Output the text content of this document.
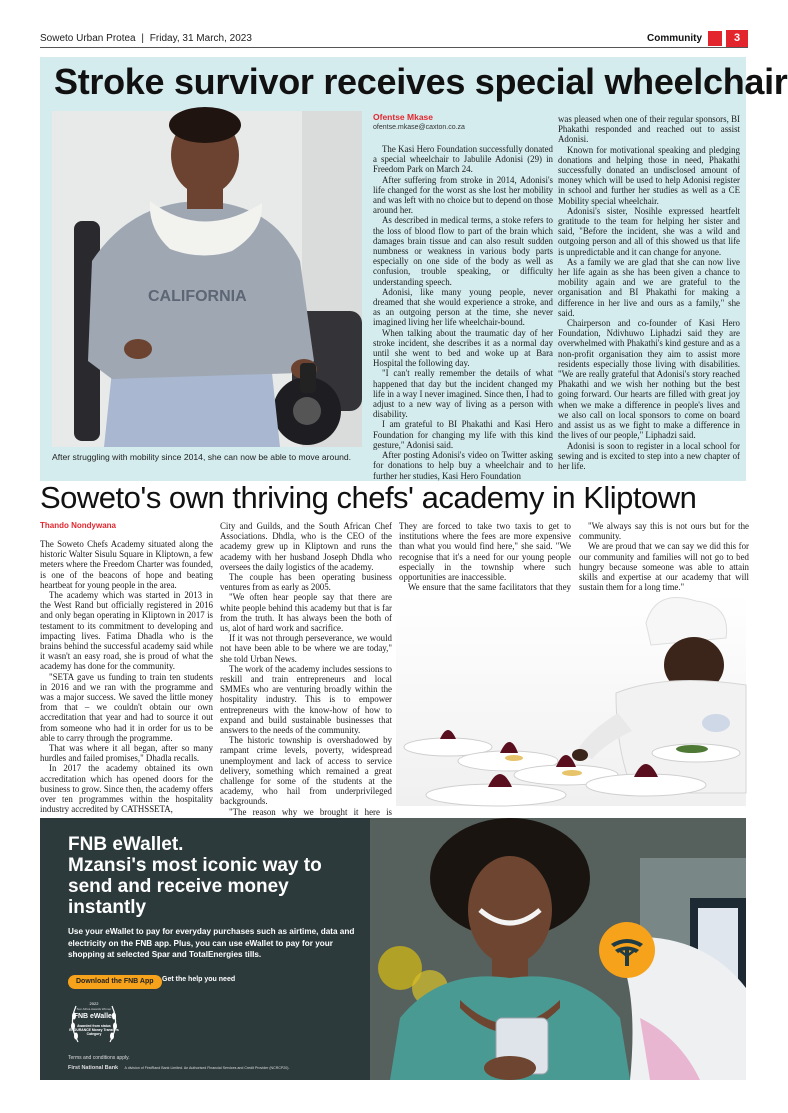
Soweto Urban Protea | Friday, 31 March, 2023	Community	3
Stroke survivor receives special wheelchair
CALIFORNIA
After struggling with mobility since 2014, she can now be able to move around.
Ofentse Mkase
ofentse.mkase@caxton.co.za

The Kasi Hero Foundation successfully donated a special wheelchair to Jabulile Adonisi (29) in Freedom Park on March 24.

After suffering from stroke in 2014, Adonisi's life changed for the worst as she lost her mobility and was left with no choice but to depend on those around her.

As described in medical terms, a stoke refers to the loss of blood flow to part of the brain which damages brain tissue and can also result sudden numbness or weakness in various body parts especially on one side of the body as well as confusion, trouble speaking, or difficulty understanding speech.

Adonisi, like many young people, never dreamed that she would experience a stroke, and as an outgoing person at the time, she never imagined living her life wheelchair-bound.

When talking about the traumatic day of her stroke incident, she describes it as a normal day until she went to bed and woke up at Bara Hospital the following day.

"I can't really remember the details of what happened that day but the incident changed my life in a way I never imagined. Since then, I had to adjust to a new way of living as a person with disability.

I am grateful to BI Phakathi and Kasi Hero Foundation for changing my life with this kind gesture," Adonisi said.

After posting Adonisi's video on Twitter asking for donations to help buy a wheelchair and to further her studies, Kasi Hero Foundation

was pleased when one of their regular sponsors, BI Phakathi responded and reached out to assist Adonisi.

Known for motivational speaking and pledging donations and helping those in need, Phakathi successfully donated an undisclosed amount of money which will be used to help Adonisi register in school and further her studies as well as a CE Mobility special wheelchair.

Adonisi's sister, Nosihle expressed heartfelt gratitude to the team for helping her sister and said, "Before the incident, she was a wild and outgoing person and all of this showed us that life is unpredictable and it can change for anyone.

As a family we are glad that she can now live her life again as she has been given a chance to mobility again and we are grateful to the organisation and BI Phakathi for making a difference in her live and ours as a family," she said.

Chairperson and co-founder of Kasi Hero Foundation, Ndivhuwo Liphadzi said they are overwhelmed with Phakathi's kind gesture and as a non-profit organisation they aim to assist more residents especially those living with disabilities. "We are really grateful that Adonisi's story reached Phakathi and we wish her nothing but the best going forward. Our hearts are filled with great joy when we make a difference in people's lives and we also call on local sponsors to come on board and assist us as we fight to make a difference in the lives of our people," Liphadzi said.

Adonisi is soon to register in a local school for sewing and is excited to step into a new chapter of her life.

Soweto's own thriving chefs' academy in Kliptown
Thando Nondywana

The Soweto Chefs Academy situated along the historic Walter Sisulu Square in Kliptown, a few meters where the Freedom Charter was founded, is one of the beacons of hope and beating heartbeat for young people in the area.

The academy which was started in 2013 in the West Rand but officially registered in 2016 and only began operating in Kliptown in 2017 is testament to its commitment to developing and impacting lives. Fatima Dhadla who is the brains behind the successful academy said while it wasn't an easy road, she is proud of what the academy has done for the community.

"SETA gave us funding to train ten students in 2016 and we ran with the programme and was a major success. We saved the little money from that – we couldn't obtain our own accreditation that year and had to source it out from someone who had it in order for us to be able to carry through the programme.

That was where it all began, after so many hurdles and failed promises," Dhadla recalls.

In 2017 the academy obtained its own accreditation which has opened doors for the business to grow. Since then, the academy offers over ten programmes within the hospitality industry accredited by CATHSSETA,

City and Guilds, and the South African Chef Associations. Dhdla, who is the CEO of the academy grew up in Kliptown and runs the academy with her husband Joseph Dhdla who oversees the daily logistics of the academy.

The couple has been operating business ventures from as early as 2005.

"We often hear people say that there are white people behind this academy but that is far from the truth. It has always been the both of us, alot of hard work and sacrifice.

If it was not through perseverance, we would not have been able to be where we are today," she told Urban News.

The work of the academy includes sessions to reskill and train entrepreneurs and local SMMEs who are venturing broadly within the hospitality industry. This is to empower entrepreneurs with the know-how of how to expand and build sustainable businesses that answers to the needs of the community.

The historic township is overshadowed by rampant crime levels, poverty, widespread unemployment and lack of access to service delivery, something which remained a great challenge for some of the students at the academy, who hail from underprivileged backgrounds.

"The reason why we brought it here is

They are forced to take two taxis to get to institutions where the fees are more expensive than what you would find here," she said. "We recognise that it's a need for our young people especially in the township where such opportunities are inaccessible.

We ensure that the same facilitators that they

"We always say this is not ours but for the community.

We are proud that we can say we did this for our community and families will not go to bed hungry because someone was able to attain skills and expertise at our academy that will sustain them for a long time."

FNB eWallet.
Mzansi's most iconic way to send and receive money instantly
Use your eWallet to pay for everyday purchases such as airtime, data and electricity on the FNB app. Plus, you can use eWallet to pay for your shopping at selected Spar and TotalEnergies tills.
Download the FNB App	Get the help you need
2022
Sun Africa Awards Winner
FNB eWallet
Awarded from status ENDURANCE Money Transfers Category
Terms and conditions apply.
First National Bank A division of FirstRand Bank Limited. An Authorised Financial Services and Credit Provider (NCRCP20).
